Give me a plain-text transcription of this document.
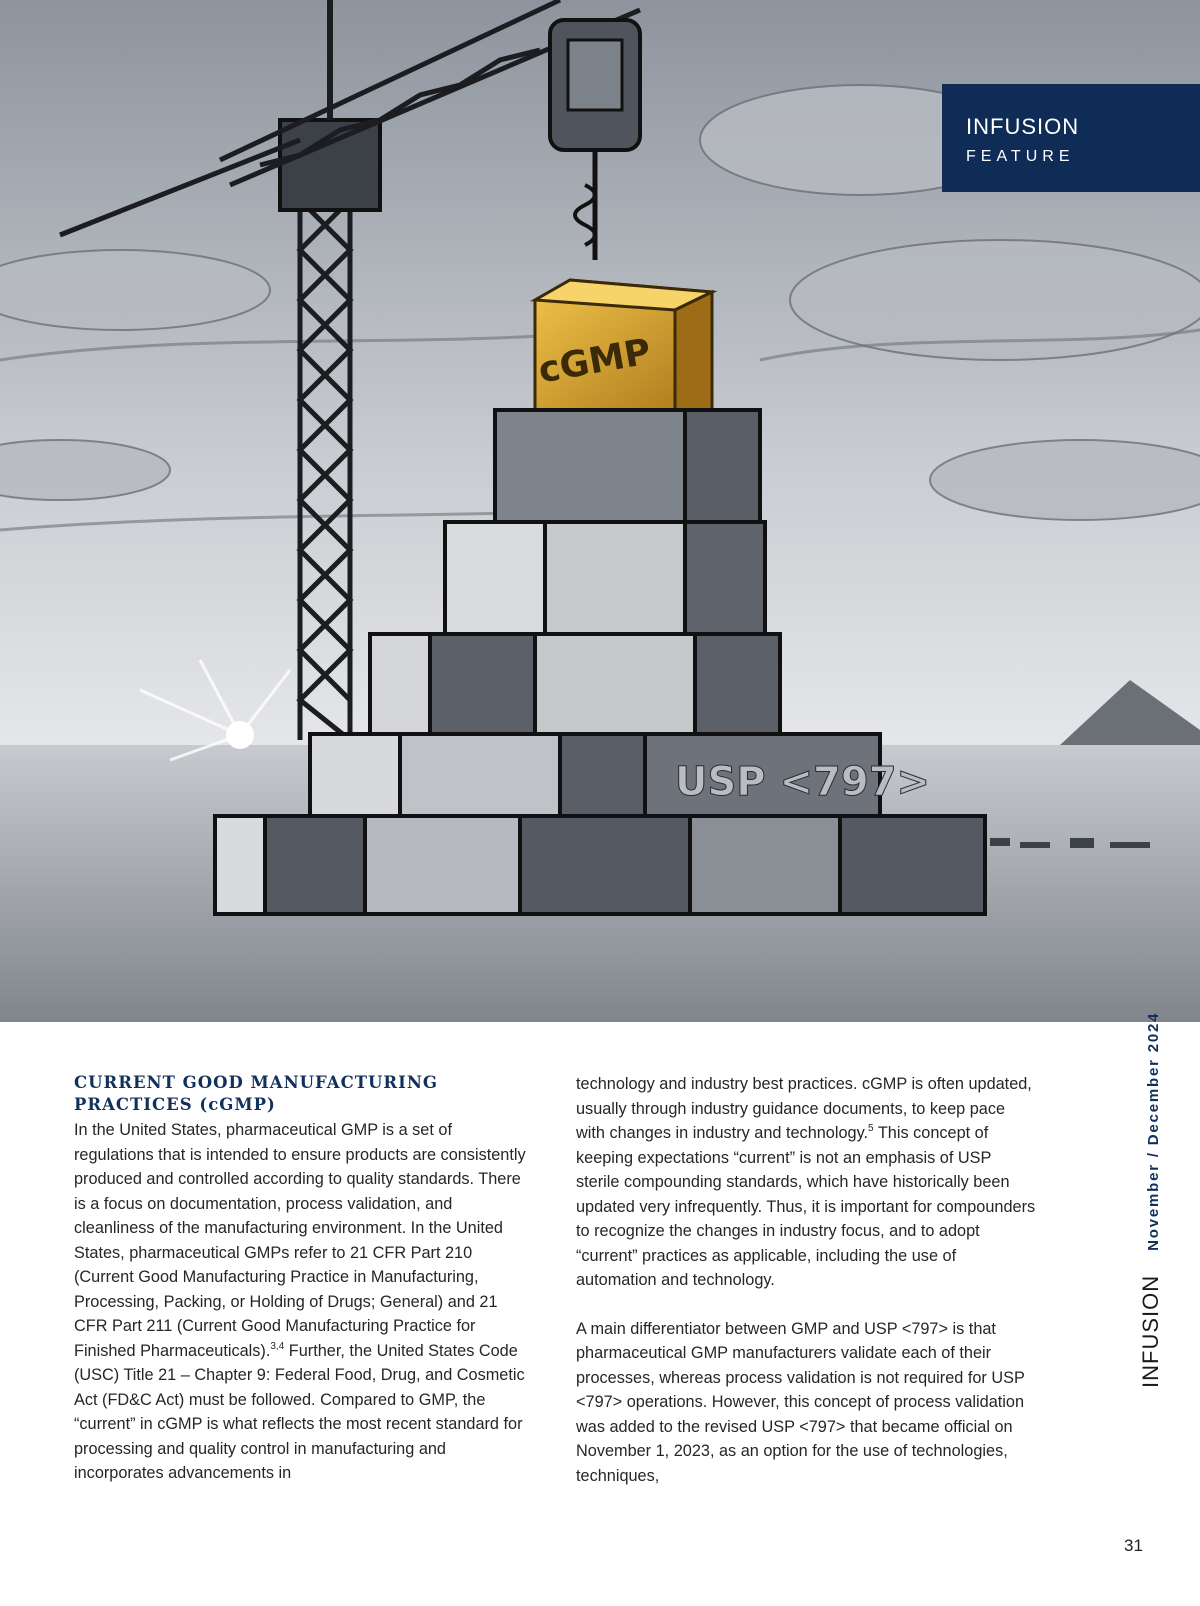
cGMP
USP <797>
INFUSION
FEATURE
CURRENT GOOD MANUFACTURING PRACTICES (cGMP)

In the United States, pharmaceutical GMP is a set of regulations that is intended to ensure products are consistently produced and controlled according to quality standards. There is a focus on documentation, process validation, and cleanliness of the manufacturing environment. In the United States, pharmaceutical GMPs refer to 21 CFR Part 210 (Current Good Manufacturing Practice in Manufacturing, Processing, Packing, or Holding of Drugs; General) and 21 CFR Part 211 (Current Good Manufacturing Practice for Finished Pharmaceuticals).$^{3,4}$ Further, the United States Code (USC) Title 21 – Chapter 9: Federal Food, Drug, and Cosmetic Act (FD&C Act) must be followed. Compared to GMP, the “current” in cGMP is what reflects the most recent standard for processing and quality control in manufacturing and incorporates advancements in

technology and industry best practices. cGMP is often updated, usually through industry guidance documents, to keep pace with changes in industry and technology.$^5$ This concept of keeping expectations “current” is not an emphasis of USP sterile compounding standards, which have historically been updated very infrequently. Thus, it is important for compounders to recognize the changes in industry focus, and to adopt “current” practices as applicable, including the use of automation and technology.

A main differentiator between GMP and USP <797> is that pharmaceutical GMP manufacturers validate each of their processes, whereas process validation is not required for USP <797> operations. However, this concept of process validation was added to the revised USP <797> that became official on November 1, 2023, as an option for the use of technologies, techniques,

INFUSION
November / December 2024
31
